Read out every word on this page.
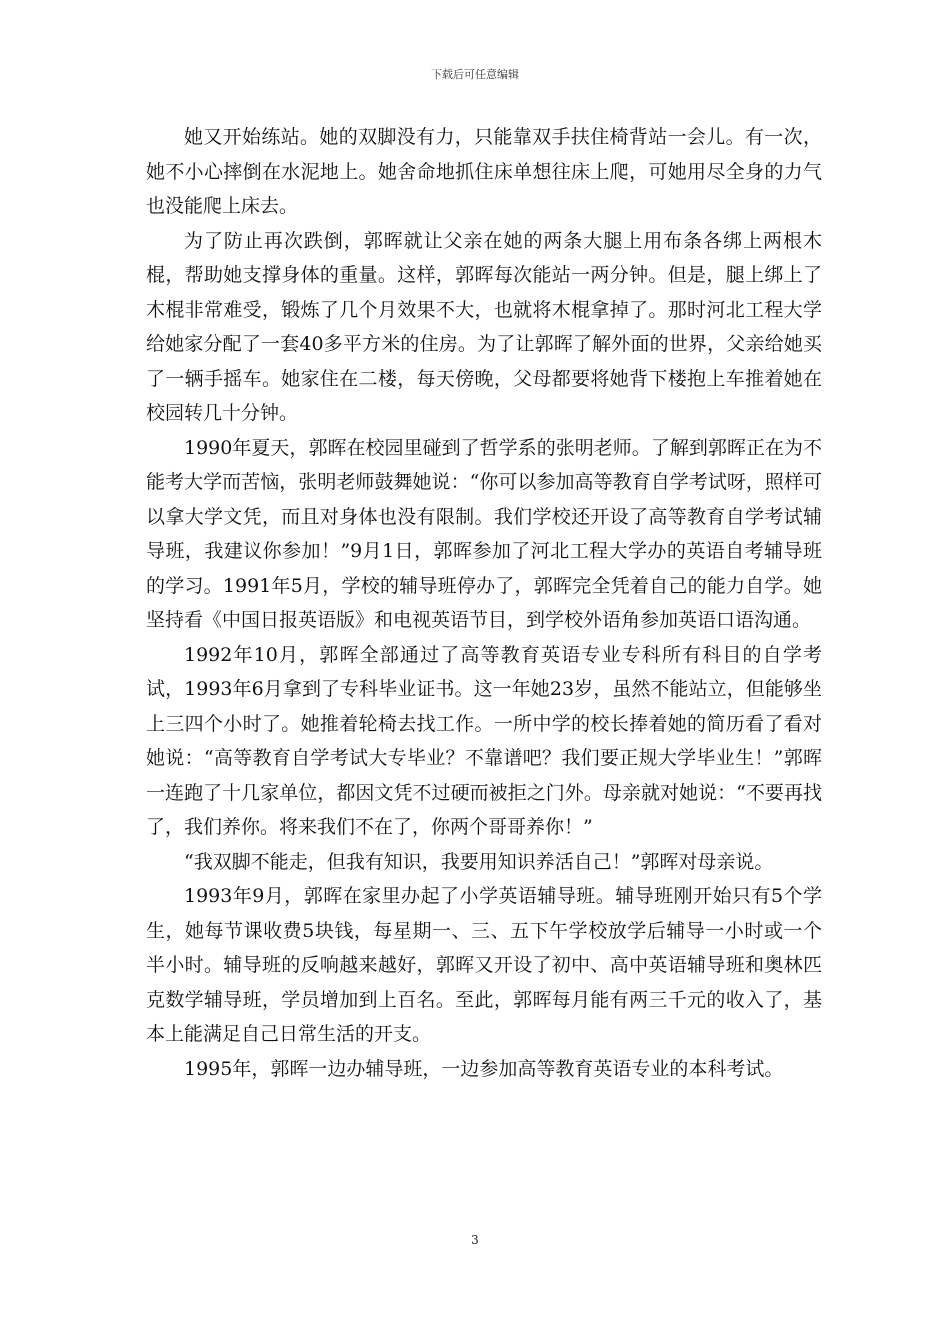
下载后可任意编辑

她又开始练站。她的双脚没有力，只能靠双手扶住椅背站一会儿。有一次，她不小心摔倒在水泥地上。她舍命地抓住床单想往床上爬，可她用尽全身的力气也没能爬上床去。

为了防止再次跌倒，郭晖就让父亲在她的两条大腿上用布条各绑上两根木棍，帮助她支撑身体的重量。这样，郭晖每次能站一两分钟。但是，腿上绑上了木棍非常难受，锻炼了几个月效果不大，也就将木棍拿掉了。那时河北工程大学给她家分配了一套40多平方米的住房。为了让郭晖了解外面的世界，父亲给她买了一辆手摇车。她家住在二楼，每天傍晚，父母都要将她背下楼抱上车推着她在校园转几十分钟。

1990年夏天，郭晖在校园里碰到了哲学系的张明老师。了解到郭晖正在为不能考大学而苦恼，张明老师鼓舞她说：“你可以参加高等教育自学考试呀，照样可以拿大学文凭，而且对身体也没有限制。我们学校还开设了高等教育自学考试辅导班，我建议你参加！”9月1日，郭晖参加了河北工程大学办的英语自考辅导班的学习。1991年5月，学校的辅导班停办了，郭晖完全凭着自己的能力自学。她坚持看《中国日报英语版》和电视英语节目，到学校外语角参加英语口语沟通。

1992年10月，郭晖全部通过了高等教育英语专业专科所有科目的自学考试，1993年6月拿到了专科毕业证书。这一年她23岁，虽然不能站立，但能够坐上三四个小时了。她推着轮椅去找工作。一所中学的校长捧着她的简历看了看对她说：“高等教育自学考试大专毕业？不靠谱吧？我们要正规大学毕业生！”郭晖一连跑了十几家单位，都因文凭不过硬而被拒之门外。母亲就对她说：“不要再找了，我们养你。将来我们不在了，你两个哥哥养你！”

“我双脚不能走，但我有知识，我要用知识养活自己！”郭晖对母亲说。

1993年9月，郭晖在家里办起了小学英语辅导班。辅导班刚开始只有5个学生，她每节课收费5块钱，每星期一、三、五下午学校放学后辅导一小时或一个半小时。辅导班的反响越来越好，郭晖又开设了初中、高中英语辅导班和奥林匹克数学辅导班，学员增加到上百名。至此，郭晖每月能有两三千元的收入了，基本上能满足自己日常生活的开支。

1995年，郭晖一边办辅导班，一边参加高等教育英语专业的本科考试。

3
